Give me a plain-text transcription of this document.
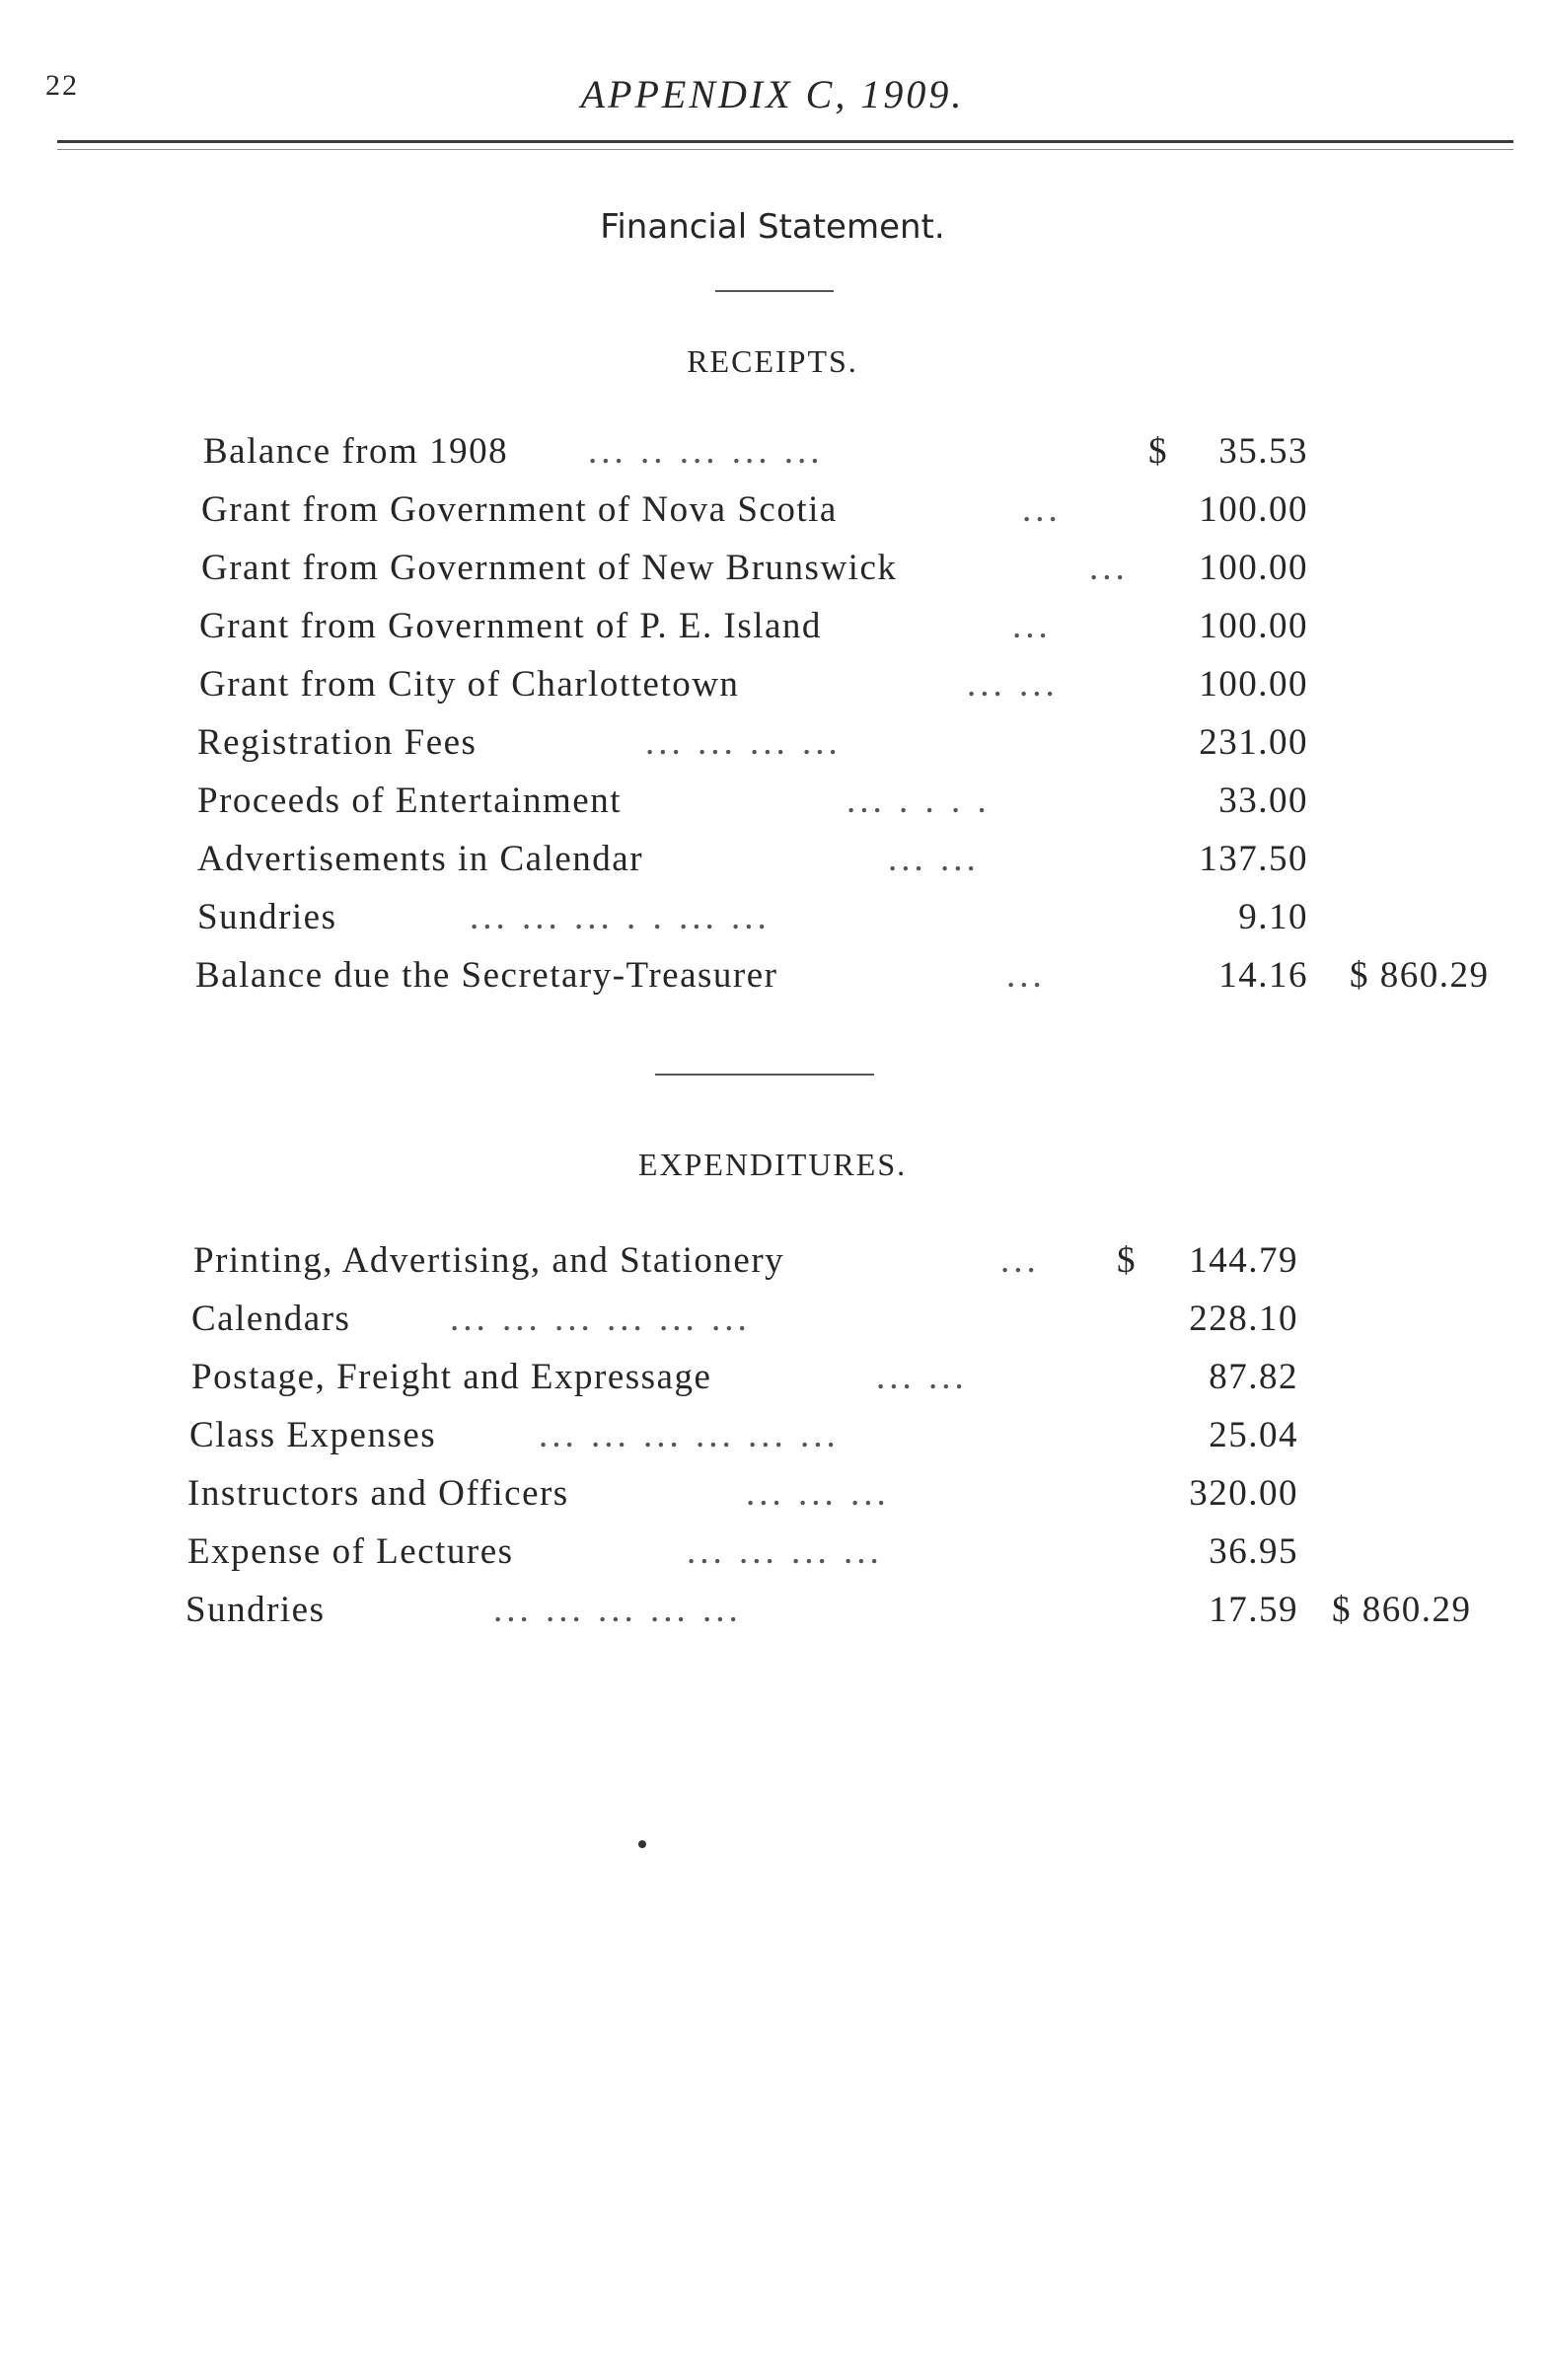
22	APPENDIX C, 1909.
Financial Statement.
RECEIPTS.
Balance from 1908 ... .. ... ... ...	$	35.53
Grant from Government of Nova Scotia	...	100.00
Grant from Government of New Brunswick	...	100.00
Grant from Government of P. E. Island	...	100.00
Grant from City of Charlottetown	... ...	100.00
Registration Fees	... ... ... ...	231.00
Proceeds of Entertainment	... . . . .	33.00
Advertisements in Calendar	... ...	137.50
Sundries	... ... ... . . ... ...	9.10
Balance due the Secretary-Treasurer	...	14.16 $ 860.29
EXPENDITURES.
Printing, Advertising, and Stationery	... $	144.79
Calendars	... ... ... ... ... ...	228.10
Postage, Freight and Expressage	... ...	87.82
Class Expenses	... ... ... ... ... ...	25.04
Instructors and Officers	... ... ...	320.00
Expense of Lectures	... ... ... ...	36.95
Sundries	... ... ... ... ...	17.59 $ 860.29
